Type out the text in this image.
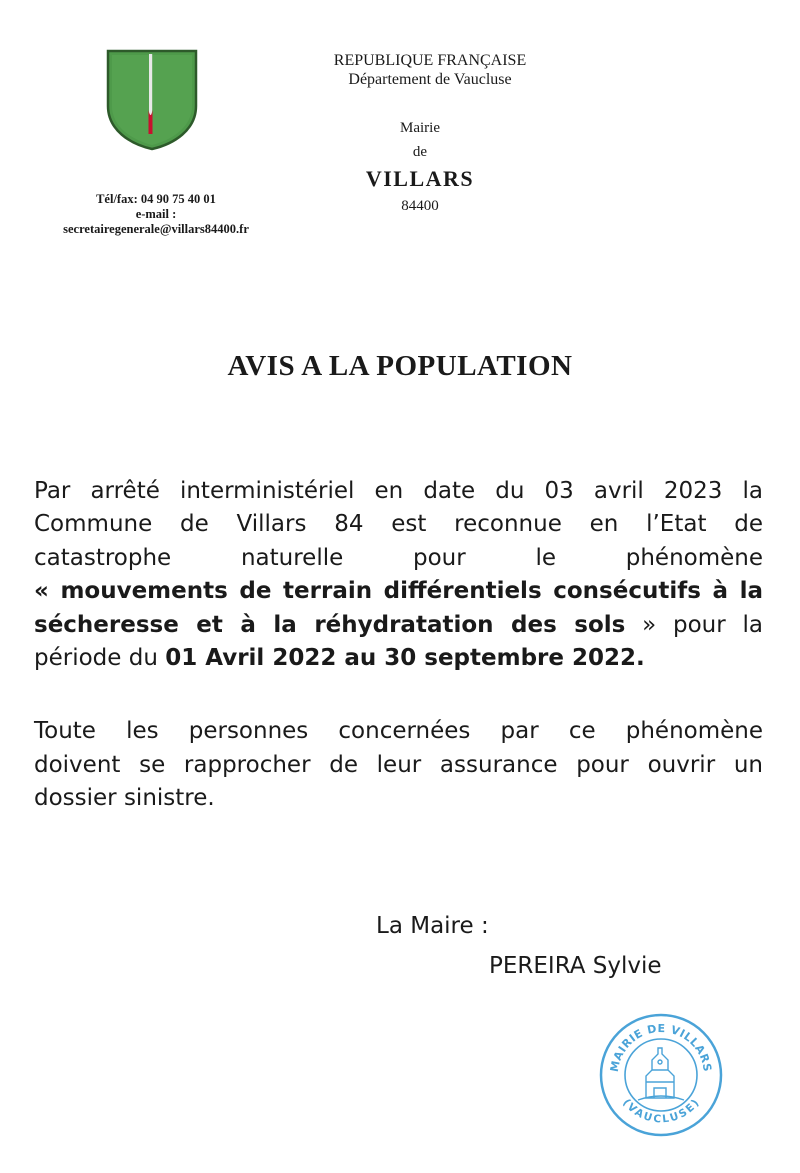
Tél/fax: 04 90 75 40 01
e-mail :
secretairegenerale@villars84400.fr
REPUBLIQUE FRANÇAISE
Département de Vaucluse
Mairie
de
VILLARS
84400
AVIS A LA POPULATION
Par arrêté interministériel en date du 03 avril 2023 la
Commune de Villars 84 est reconnue en l’Etat de
catastrophe naturelle pour le phénomène
« mouvements de terrain différentiels consécutifs à la
sécheresse et à la réhydratation des sols » pour la
période du 01 Avril 2022 au 30 septembre 2022.
Toute les personnes concernées par ce phénomène
doivent se rapprocher de leur assurance pour ouvrir un
dossier sinistre.
La Maire :
PEREIRA Sylvie
MAIRIE DE VILLARS
(VAUCLUSE)
